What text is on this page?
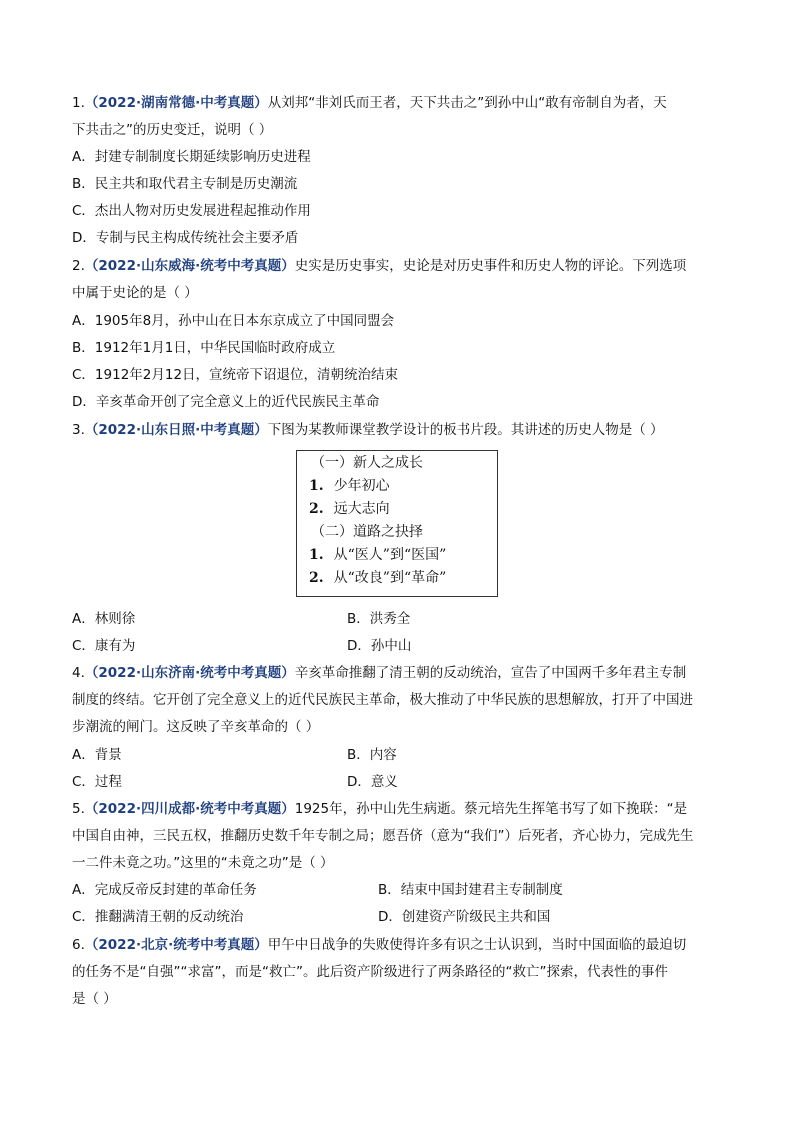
1.（2022·湖南常德·中考真题）从刘邦“非刘氏而王者，天下共击之”到孙中山“敢有帝制自为者，天
下共击之”的历史变迁，说明（ ）
A．封建专制制度长期延续影响历史进程
B．民主共和取代君主专制是历史潮流
C．杰出人物对历史发展进程起推动作用
D．专制与民主构成传统社会主要矛盾
2.（2022·山东威海·统考中考真题）史实是历史事实，史论是对历史事件和历史人物的评论。下列选项
中属于史论的是（ ）
A．1905年8月，孙中山在日本东京成立了中国同盟会
B．1912年1月1日，中华民国临时政府成立
C．1912年2月12日，宣统帝下诏退位，清朝统治结束
D．辛亥革命开创了完全意义上的近代民族民主革命
3.（2022·山东日照·中考真题）下图为某教师课堂教学设计的板书片段。其讲述的历史人物是（ ）
（一）新人之成长
1. 少年初心
2. 远大志向
（二）道路之抉择
1. 从“医人”到“医国”
2. 从“改良”到“革命”
A．林则徐	B．洪秀全
C．康有为	D．孙中山
4.（2022·山东济南·统考中考真题）辛亥革命推翻了清王朝的反动统治，宣告了中国两千多年君主专制
制度的终结。它开创了完全意义上的近代民族民主革命，极大推动了中华民族的思想解放，打开了中国进
步潮流的闸门。这反映了辛亥革命的（ ）
A．背景	B．内容
C．过程	D．意义
5.（2022·四川成都·统考中考真题）1925年，孙中山先生病逝。蔡元培先生挥笔书写了如下挽联：“是
中国自由神，三民五权，推翻历史数千年专制之局；愿吾侪（意为“我们”）后死者，齐心协力，完成先生
一二件未竟之功。”这里的“未竟之功”是（ ）
A．完成反帝反封建的革命任务	B．结束中国封建君主专制制度
C．推翻满清王朝的反动统治	D．创建资产阶级民主共和国
6.（2022·北京·统考中考真题）甲午中日战争的失败使得许多有识之士认识到，当时中国面临的最迫切
的任务不是“自强”“求富”，而是“救亡”。此后资产阶级进行了两条路径的“救亡”探索，代表性的事件
是（ ）
